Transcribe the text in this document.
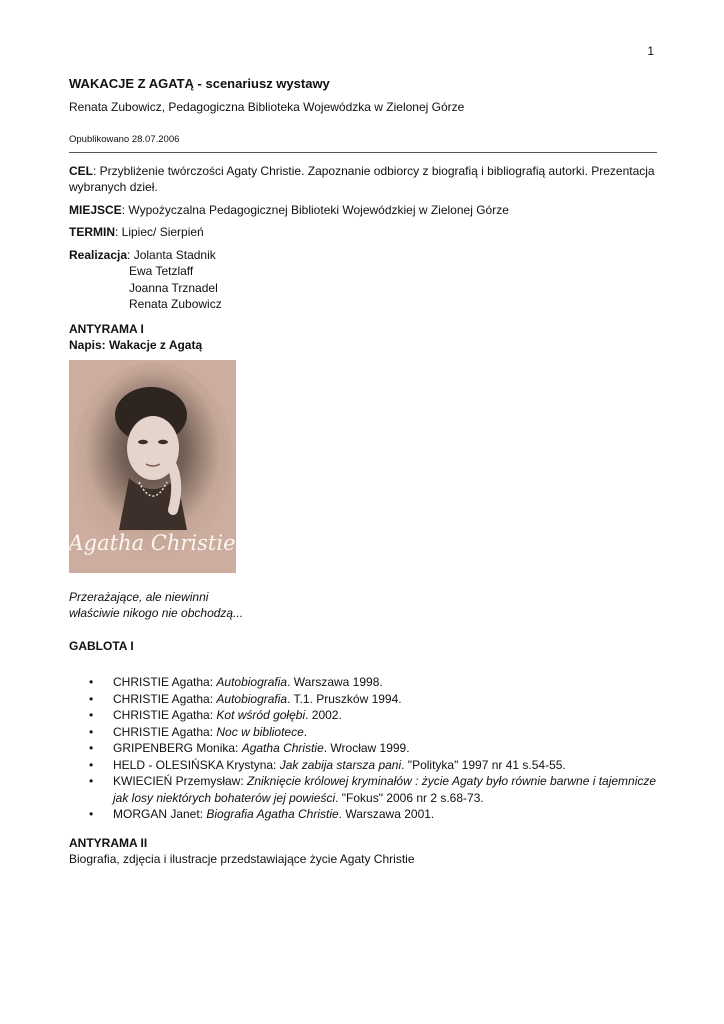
1
WAKACJE Z AGATĄ - scenariusz wystawy
Renata Zubowicz, Pedagogiczna Biblioteka Wojewódzka w Zielonej Górze
Opublikowano 28.07.2006

CEL: Przybliżenie twórczości Agaty Christie. Zapoznanie odbiorcy z biografią i bibliografią autorki. Prezentacja wybranych dzieł.

MIEJSCE: Wypożyczalna Pedagogicznej Biblioteki Wojewódzkiej w Zielonej Górze

TERMIN: Lipiec/ Sierpień

Realizacja: Jolanta Stadnik
Ewa Tetzlaff
Joanna Trznadel
Renata Zubowicz
ANTYRAMA I
Napis: Wakacje z Agatą
Agatha Christie
Przerażające, ale niewinni
właściwie nikogo nie obchodzą...
GABLOTA I
• CHRISTIE Agatha: Autobiografia. Warszawa 1998.
• CHRISTIE Agatha: Autobiografia. T.1. Pruszków 1994.
• CHRISTIE Agatha: Kot wśród gołębi. 2002.
• CHRISTIE Agatha: Noc w bibliotece.
• GRIPENBERG Monika: Agatha Christie. Wrocław 1999.
• HELD - OLESIŃSKA Krystyna: Jak zabija starsza pani. "Polityka" 1997 nr 41 s.54-55.
• KWIECIEŃ Przemysław: Zniknięcie królowej kryminałów : życie Agaty było równie barwne i tajemnicze jak losy niektórych bohaterów jej powieści. "Fokus" 2006 nr 2 s.68-73.
• MORGAN Janet: Biografia Agatha Christie. Warszawa 2001.
ANTYRAMA II
Biografia, zdjęcia i ilustracje przedstawiające życie Agaty Christie
